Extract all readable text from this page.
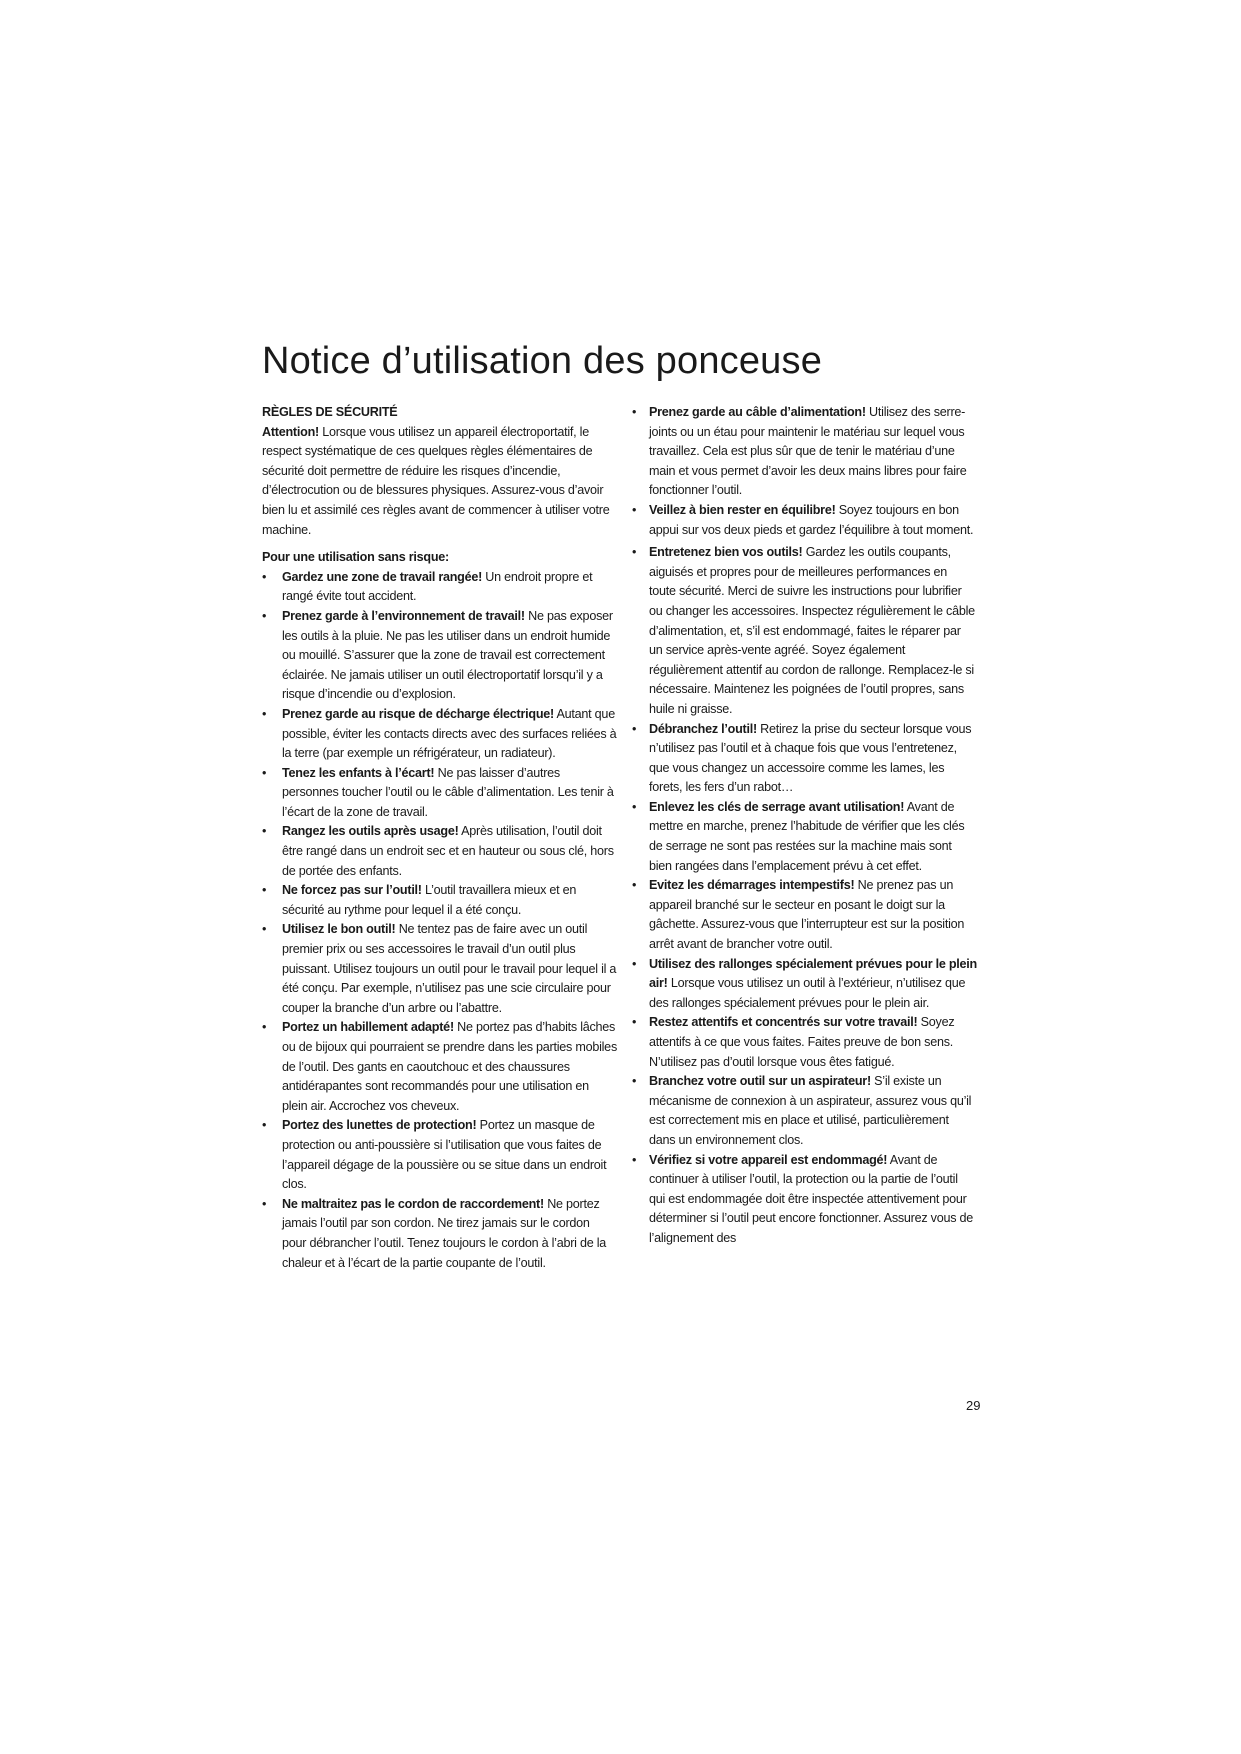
Notice d’utilisation des ponceuse
RÈGLES DE SÉCURITÉ

Attention! Lorsque vous utilisez un appareil électroportatif, le respect systématique de ces quelques règles élémentaires de sécurité doit permettre de réduire les risques d’incendie, d’électrocution ou de blessures physiques. Assurez-vous d’avoir bien lu et assimilé ces règles avant de commencer à utiliser votre machine.

Pour une utilisation sans risque:

• Gardez une zone de travail rangée! Un endroit propre et rangé évite tout accident.
• Prenez garde à l’environnement de travail! Ne pas exposer les outils à la pluie. Ne pas les utiliser dans un endroit humide ou mouillé. S’assurer que la zone de travail est correctement éclairée. Ne jamais utiliser un outil électroportatif lorsqu’il y a risque d’incendie ou d’explosion.
• Prenez garde au risque de décharge électrique! Autant que possible, éviter les contacts directs avec des surfaces reliées à la terre (par exemple un réfrigérateur, un radiateur).
• Tenez les enfants à l’écart! Ne pas laisser d’autres personnes toucher l’outil ou le câble d’alimentation. Les tenir à l’écart de la zone de travail.
• Rangez les outils après usage! Après utilisation, l’outil doit être rangé dans un endroit sec et en hauteur ou sous clé, hors de portée des enfants.
• Ne forcez pas sur l’outil! L’outil travaillera mieux et en sécurité au rythme pour lequel il a été conçu.
• Utilisez le bon outil! Ne tentez pas de faire avec un outil premier prix ou ses accessoires le travail d’un outil plus puissant. Utilisez toujours un outil pour le travail pour lequel il a été conçu. Par exemple, n’utilisez pas une scie circulaire pour couper la branche d’un arbre ou l’abattre.
• Portez un habillement adapté! Ne portez pas d’habits lâches ou de bijoux qui pourraient se prendre dans les parties mobiles de l’outil. Des gants en caoutchouc et des chaussures antidérapantes sont recommandés pour une utilisation en plein air. Accrochez vos cheveux.
• Portez des lunettes de protection! Portez un masque de protection ou anti-poussière si l’utilisation que vous faites de l’appareil dégage de la poussière ou se situe dans un endroit clos.
• Ne maltraitez pas le cordon de raccordement! Ne portez jamais l’outil par son cordon. Ne tirez jamais sur le cordon pour débrancher l’outil. Tenez toujours le cordon à l’abri de la chaleur et à l’écart de la partie coupante de l’outil.
• Prenez garde au câble d’alimentation! Utilisez des serre-joints ou un étau pour maintenir le matériau sur lequel vous travaillez. Cela est plus sûr que de tenir le matériau d’une main et vous permet d’avoir les deux mains libres pour faire fonctionner l’outil.
• Veillez à bien rester en équilibre! Soyez toujours en bon appui sur vos deux pieds et gardez l’équilibre à tout moment.
• Entretenez bien vos outils! Gardez les outils coupants, aiguisés et propres pour de meilleures performances en toute sécurité. Merci de suivre les instructions pour lubrifier ou changer les accessoires. Inspectez régulièrement le câble d’alimentation, et, s’il est endommagé, faites le réparer par un service après-vente agréé. Soyez également régulièrement attentif au cordon de rallonge. Remplacez-le si nécessaire. Maintenez les poignées de l’outil propres, sans huile ni graisse.
• Débranchez l’outil! Retirez la prise du secteur lorsque vous n’utilisez pas l’outil et à chaque fois que vous l’entretenez, que vous changez un accessoire comme les lames, les forets, les fers d’un rabot…
• Enlevez les clés de serrage avant utilisation! Avant de mettre en marche, prenez l’habitude de vérifier que les clés de serrage ne sont pas restées sur la machine mais sont bien rangées dans l’emplacement prévu à cet effet.
• Evitez les démarrages intempestifs! Ne prenez pas un appareil branché sur le secteur en posant le doigt sur la gâchette. Assurez-vous que l’interrupteur est sur la position arrêt avant de brancher votre outil.
• Utilisez des rallonges spécialement prévues pour le plein air! Lorsque vous utilisez un outil à l’extérieur, n’utilisez que des rallonges spécialement prévues pour le plein air.
• Restez attentifs et concentrés sur votre travail! Soyez attentifs à ce que vous faites. Faites preuve de bon sens. N’utilisez pas d’outil lorsque vous êtes fatigué.
• Branchez votre outil sur un aspirateur! S’il existe un mécanisme de connexion à un aspirateur, assurez vous qu’il est correctement mis en place et utilisé, particulièrement dans un environnement clos.
• Vérifiez si votre appareil est endommagé! Avant de continuer à utiliser l’outil, la protection ou la partie de l’outil qui est endommagée doit être inspectée attentivement pour déterminer si l’outil peut encore fonctionner. Assurez vous de l’alignement des
29
